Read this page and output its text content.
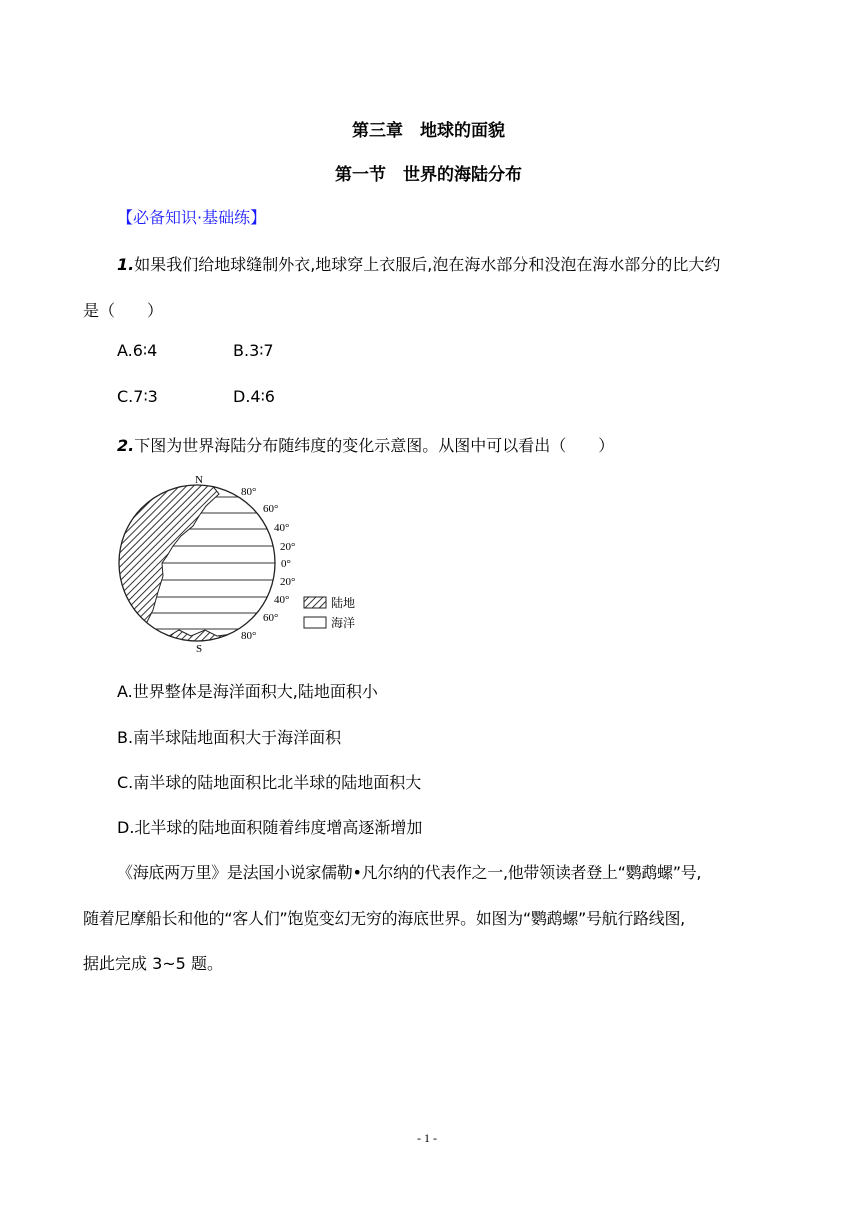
第三章　地球的面貌
第一节　世界的海陆分布
【必备知识·基础练】
1.如果我们给地球缝制外衣,地球穿上衣服后,泡在海水部分和没泡在海水部分的比大约
是（　　）
A.6∶4	B.3∶7
C.7∶3	D.4∶6
2.下图为世界海陆分布随纬度的变化示意图。从图中可以看出（　　）
N
S
80°
60°
40°
20°
0°
20°
40°
60°
80°
陆地
海洋
A.世界整体是海洋面积大,陆地面积小
B.南半球陆地面积大于海洋面积
C.南半球的陆地面积比北半球的陆地面积大
D.北半球的陆地面积随着纬度增高逐渐增加
《海底两万里》是法国小说家儒勒•凡尔纳的代表作之一,他带领读者登上“鹦鹉螺”号,
随着尼摩船长和他的“客人们”饱览变幻无穷的海底世界。如图为“鹦鹉螺”号航行路线图,
据此完成 3~5 题。
- 1 -
